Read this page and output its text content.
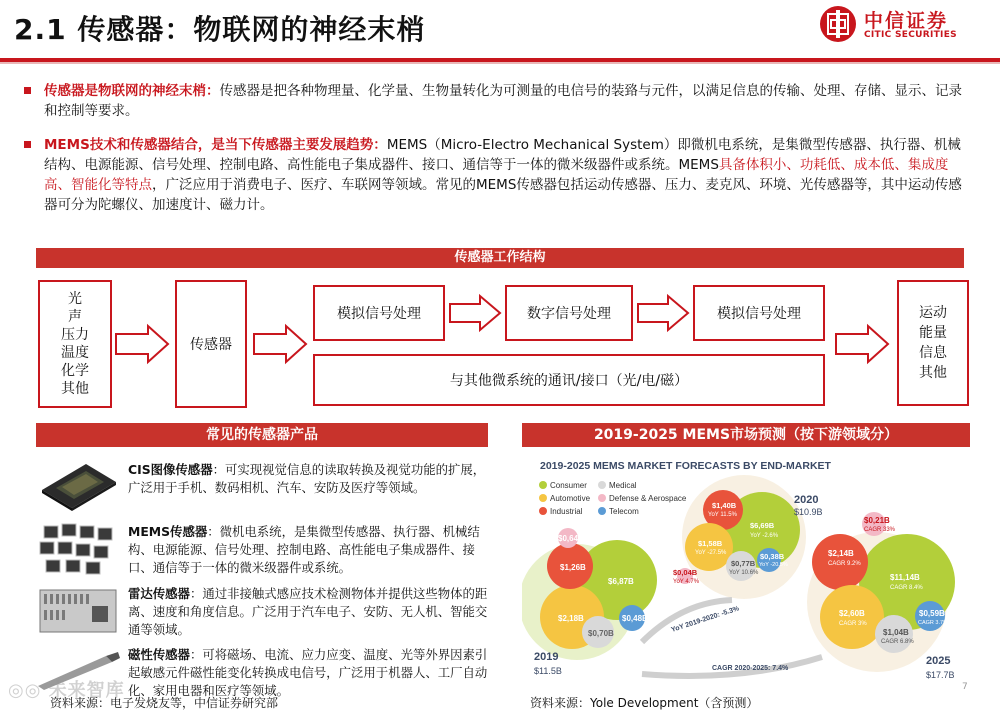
2.1 传感器：物联网的神经末梢	中信证券
CITIC SECURITIES
传感器是物联网的神经末梢：传感器是把各种物理量、化学量、生物量转化为可测量的电信号的装臵与元件，以满足信息的传输、处理、存储、显示、记录和控制等要求。
MEMS技术和传感器结合，是当下传感器主要发展趋势：MEMS（Micro-Electro Mechanical System）即微机电系统，是集微型传感器、执行器、机械结构、电源能源、信号处理、控制电路、高性能电子集成器件、接口、通信等于一体的微米级器件或系统。MEMS具备体积小、功耗低、成本低、集成度高、智能化等特点，广泛应用于消费电子、医疗、车联网等领域。常见的MEMS传感器包括运动传感器、压力、麦克风、环境、光传感器等，其中运动传感器可分为陀螺仪、加速度计、磁力计。
传感器工作结构
光
声
压力
温度
化学
其他
传感器
模拟信号处理	数字信号处理	模拟信号处理
与其他微系统的通讯/接口（光/电/磁）
运动
能量
信息
其他
常见的传感器产品
CIS图像传感器：可实现视觉信息的读取转换及视觉功能的扩展，广泛用于手机、数码相机、汽车、安防及医疗等领域。
MEMS传感器：微机电系统，是集微型传感器、执行器、机械结构、电源能源、信号处理、控制电路、高性能电子集成器件、接口、通信等于一体的微米级器件或系统。
雷达传感器：通过非接触式感应技术检测物体并提供这些物体的距离、速度和角度信息。广泛用于汽车电子、安防、无人机、智能交通等领域。
磁性传感器：可将磁场、电流、应力应变、温度、光等外界因素引起敏感元件磁性能变化转换成电信号，广泛用于机器人、工厂自动化、家用电器和医疗等领域。
资料来源：电子发烧友等，中信证券研究部
2019-2025 MEMS市场预测（按下游领域分）
2019-2025 MEMS MARKET FORECASTS BY END-MARKET
Consumer	Medical
Automotive Defense & Aerospace
Industrial	Telecom
$6,87B
$2,18B
$1,26B
$0,64B
$0,48B
$0,70B
2019
$11.5B
$6,69B
YoY -2.6%
$1,40B
YoY 11.5%
$1,58B
YoY -27.5%
$0,77B
YoY 10.6%
$0,38B
YoY -20.5%
$0,04B
YoY 4.7%
2020
$10.9B
$11,14B
CAGR 8.4%
$2,14B
CAGR 9.2%
$2,60B
CAGR 3%
$1,04B
CAGR 6.8%
$0,59B
CAGR 3.7%
$0,21B
CAGR 33%
2025
$17.7B
YoY 2019-2020: -5.3%
CAGR 2020-2025: 7.4%
资料来源：Yole Development（含预测）
7
◎◎ 未来智库
